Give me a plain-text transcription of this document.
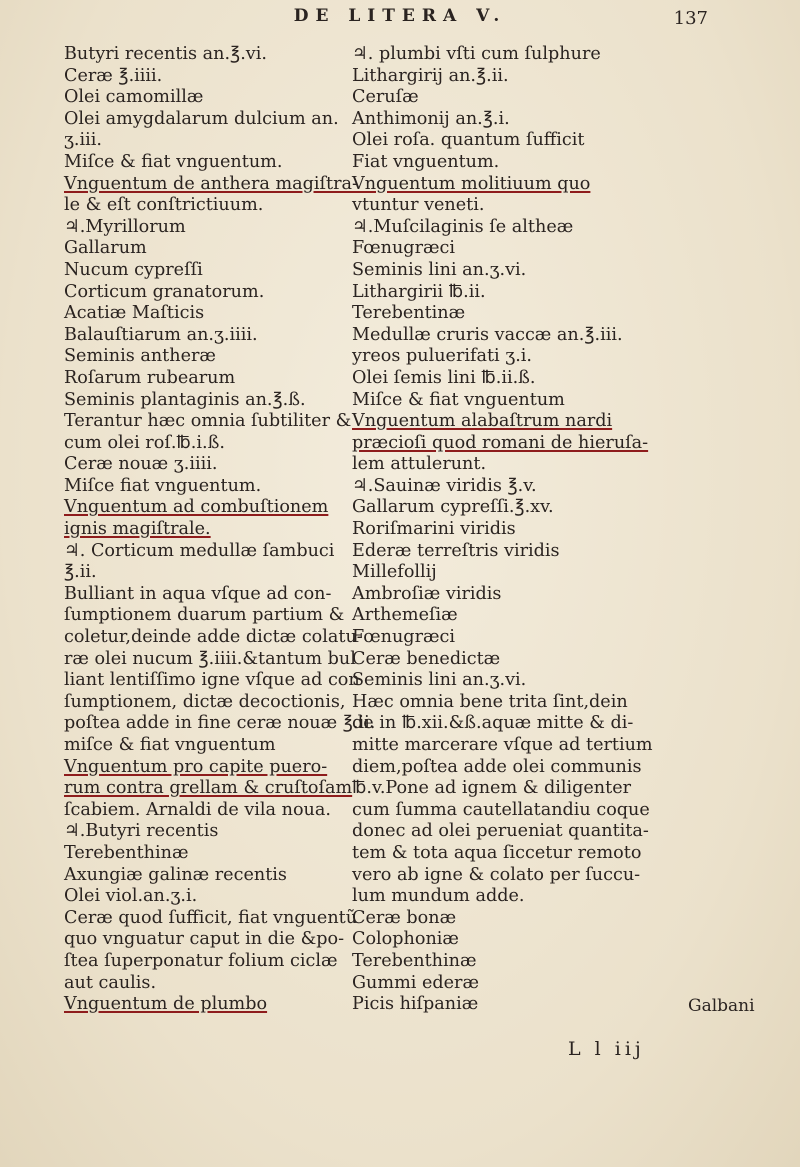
DE LITERA V.	137
Butyri recentis an.℥.vi.
Ceræ ℥.iiii.
Olei camomillæ
Olei amygdalarum dulcium an.
ʒ.iii.
Miſce & fiat vnguentum.
Vnguentum de anthera magiſtra-
le & eſt conſtrictiuum.
♃.Myrillorum
Gallarum
Nucum cypreſſi
Corticum granatorum.
Acatiæ Maſticis
Balauſtiarum an.ʒ.iiii.
Seminis antheræ
Roſarum rubearum
Seminis plantaginis an.℥.ß.
Terantur hæc omnia ſubtiliter &
cum olei roſ.℔.i.ß.
Ceræ nouæ ʒ.iiii.
Miſce fiat vnguentum.
Vnguentum ad combuſtionem
ignis magiſtrale.
♃. Corticum medullæ ſambuci
℥.ii.
Bulliant in aqua vſque ad con-
ſumptionem duarum partium &
coletur,deinde adde dictæ colatu-
ræ olei nucum ℥.iiii.&tantum bul
liant lentiſſimo igne vſque ad con
ſumptionem, dictæ decoctionis,
poſtea adde in fine ceræ nouæ ℥.ii.
miſce & fiat vnguentum
Vnguentum pro capite puero-
rum contra grellam & cruſtoſam
ſcabiem. Arnaldi de vila noua.
♃.Butyri recentis
Terebenthinæ
Axungiæ galinæ recentis
Olei viol.an.ʒ.i.
Ceræ quod ſufficit, fiat vnguentũ
quo vnguatur caput in die &po-
ſtea ſuperponatur folium ciclæ
aut caulis.
Vnguentum de plumbo
♃. plumbi vſti cum ſulphure
Lithargirij an.℥.ii.
Ceruſæ
Anthimonij an.℥.i.
Olei roſa. quantum ſufficit
Fiat vnguentum.
Vnguentum molitiuum quo
vtuntur veneti.
♃.Muſcilaginis ſe altheæ
Fœnugræci
Seminis lini an.ʒ.vi.
Lithargirii ℔.ii.
Terebentinæ
Medullæ cruris vaccæ an.℥.iii.
yreos puluerifati ʒ.i.
Olei ſemis lini ℔.ii.ß.
Miſce & fiat vnguentum
Vnguentum alabaſtrum nardi
præcioſi quod romani de hieruſa-
lem attulerunt.
♃.Sauinæ viridis ℥.v.
Gallarum cypreſſi.℥.xv.
Roriſmarini viridis
Ederæ terreſtris viridis
Millefollij
Ambroſiæ viridis
Arthemeſiæ
Fœnugræci
Ceræ benedictæ
Seminis lini an.ʒ.vi.
Hæc omnia bene trita ſint,dein
de in ℔.xii.&ß.aquæ mitte & di-
mitte marcerare vſque ad tertium
diem,poſtea adde olei communis
℔.v.Pone ad ignem & diligenter
cum ſumma cautellatandiu coque
donec ad olei perueniat quantita-
tem & tota aqua ſiccetur remoto
vero ab igne & colato per ſuccu-
lum mundum adde.
Ceræ bonæ
Colophoniæ
Terebenthinæ
Gummi ederæ
Picis hiſpaniæ	Galbani
L l iij
